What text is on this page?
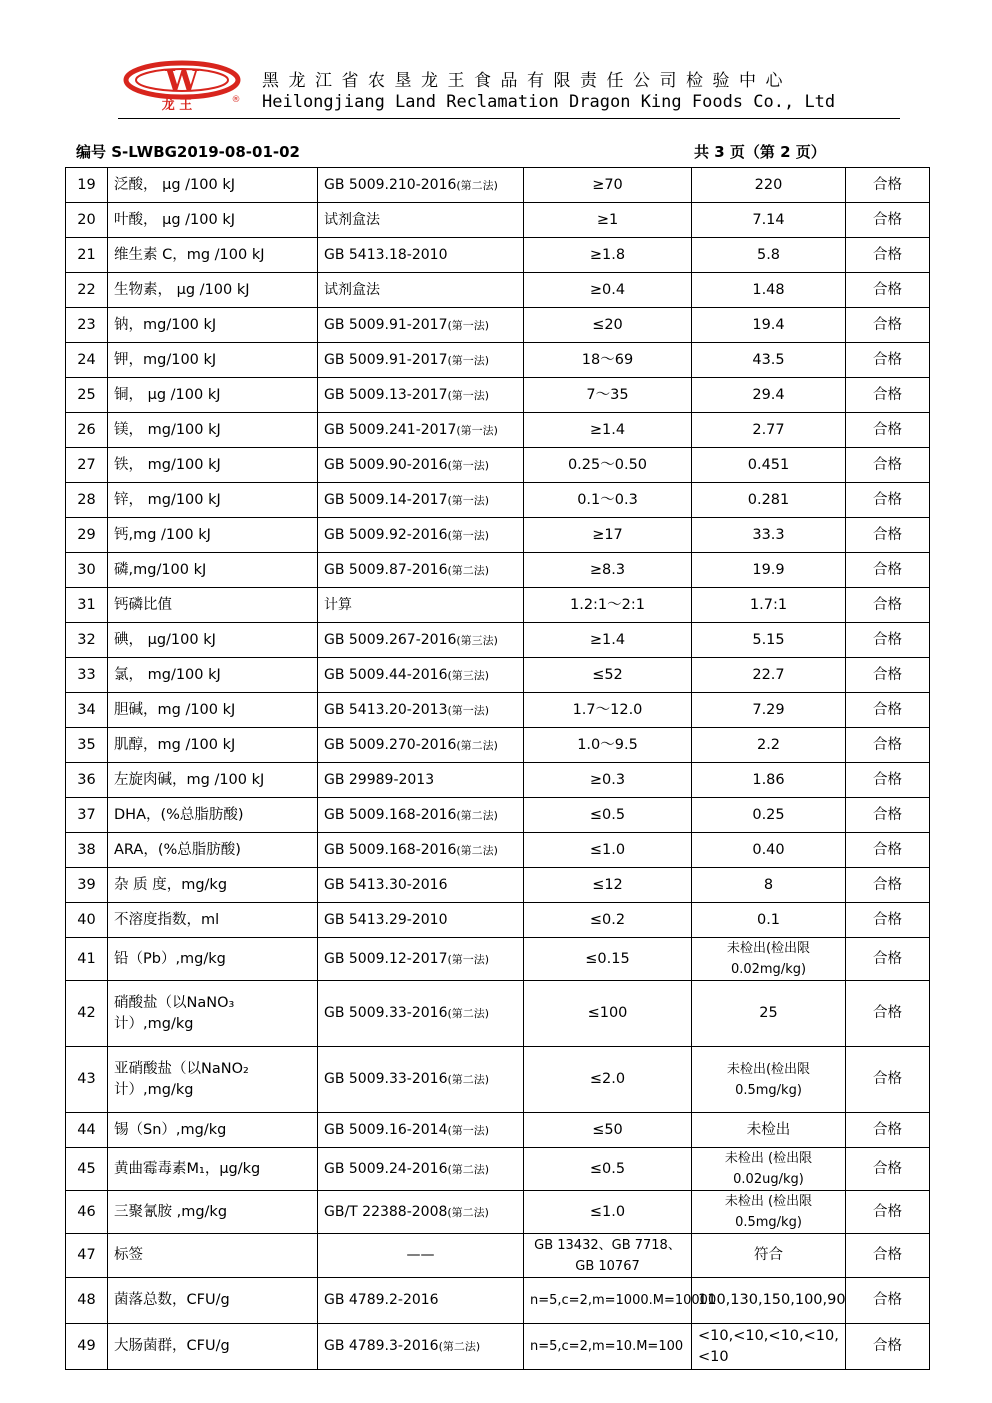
W
龙 王	®
黑龙江省农垦龙王食品有限责任公司检验中心
Heilongjiang Land Reclamation Dragon King Foods Co., Ltd
编号 S-LWBG2019-08-01-02	共 3 页（第 2 页）
19	泛酸， μg /100 kJ	GB 5009.210-2016(第二法)	≥70	220	合格
20	叶酸， μg /100 kJ	试剂盒法	≥1	7.14	合格
21	维生素 C，mg /100 kJ	GB 5413.18-2010	≥1.8	5.8	合格
22	生物素， μg /100 kJ	试剂盒法	≥0.4	1.48	合格
23	钠，mg/100 kJ	GB 5009.91-2017(第一法)	≤20	19.4	合格
24	钾，mg/100 kJ	GB 5009.91-2017(第一法)	18～69	43.5	合格
25	铜， μg /100 kJ	GB 5009.13-2017(第一法)	7～35	29.4	合格
26	镁， mg/100 kJ	GB 5009.241-2017(第一法)	≥1.4	2.77	合格
27	铁， mg/100 kJ	GB 5009.90-2016(第一法)	0.25～0.50	0.451	合格
28	锌， mg/100 kJ	GB 5009.14-2017(第一法)	0.1～0.3	0.281	合格
29	钙,mg /100 kJ	GB 5009.92-2016(第一法)	≥17	33.3	合格
30	磷,mg/100 kJ	GB 5009.87-2016(第二法)	≥8.3	19.9	合格
31	钙磷比值	计算	1.2:1～2:1	1.7:1	合格
32	碘， μg/100 kJ	GB 5009.267-2016(第三法)	≥1.4	5.15	合格
33	氯， mg/100 kJ	GB 5009.44-2016(第三法)	≤52	22.7	合格
34	胆碱，mg /100 kJ	GB 5413.20-2013(第一法)	1.7～12.0	7.29	合格
35	肌醇，mg /100 kJ	GB 5009.270-2016(第二法)	1.0～9.5	2.2	合格
36	左旋肉碱，mg /100 kJ	GB 29989-2013	≥0.3	1.86	合格
37	DHA，(%总脂肪酸)	GB 5009.168-2016(第二法)	≤0.5	0.25	合格
38	ARA，(%总脂肪酸)	GB 5009.168-2016(第二法)	≤1.0	0.40	合格
39	杂 质 度，mg/kg	GB 5413.30-2016	≤12	8	合格
40	不溶度指数，ml	GB 5413.29-2010	≤0.2	0.1	合格
41	铅（Pb）,mg/kg	GB 5009.12-2017(第一法)	≤0.15	未检出(检出限 0.02mg/kg)	合格
42	硝酸盐（以NaNO₃ 计）,mg/kg	GB 5009.33-2016(第二法)	≤100	25	合格
43	亚硝酸盐（以NaNO₂ 计）,mg/kg	GB 5009.33-2016(第二法)	≤2.0	未检出(检出限 0.5mg/kg)	合格
44	锡（Sn）,mg/kg	GB 5009.16-2014(第一法)	≤50	未检出	合格
45	黄曲霉毒素M₁，μg/kg	GB 5009.24-2016(第二法)	≤0.5	未检出 (检出限 0.02ug/kg)	合格
46	三聚氰胺 ,mg/kg	GB/T 22388-2008(第二法)	≤1.0	未检出 (检出限 0.5mg/kg)	合格
47	标签	——	GB 13432、GB 7718、GB 10767	符合	合格
48	菌落总数，CFU/g	GB 4789.2-2016	n=5,c=2,m=1000.M=10000	110,130,150,100,90	合格
49	大肠菌群，CFU/g	GB 4789.3-2016(第二法)	n=5,c=2,m=10.M=100	<10,<10,<10,<10,<10	合格
